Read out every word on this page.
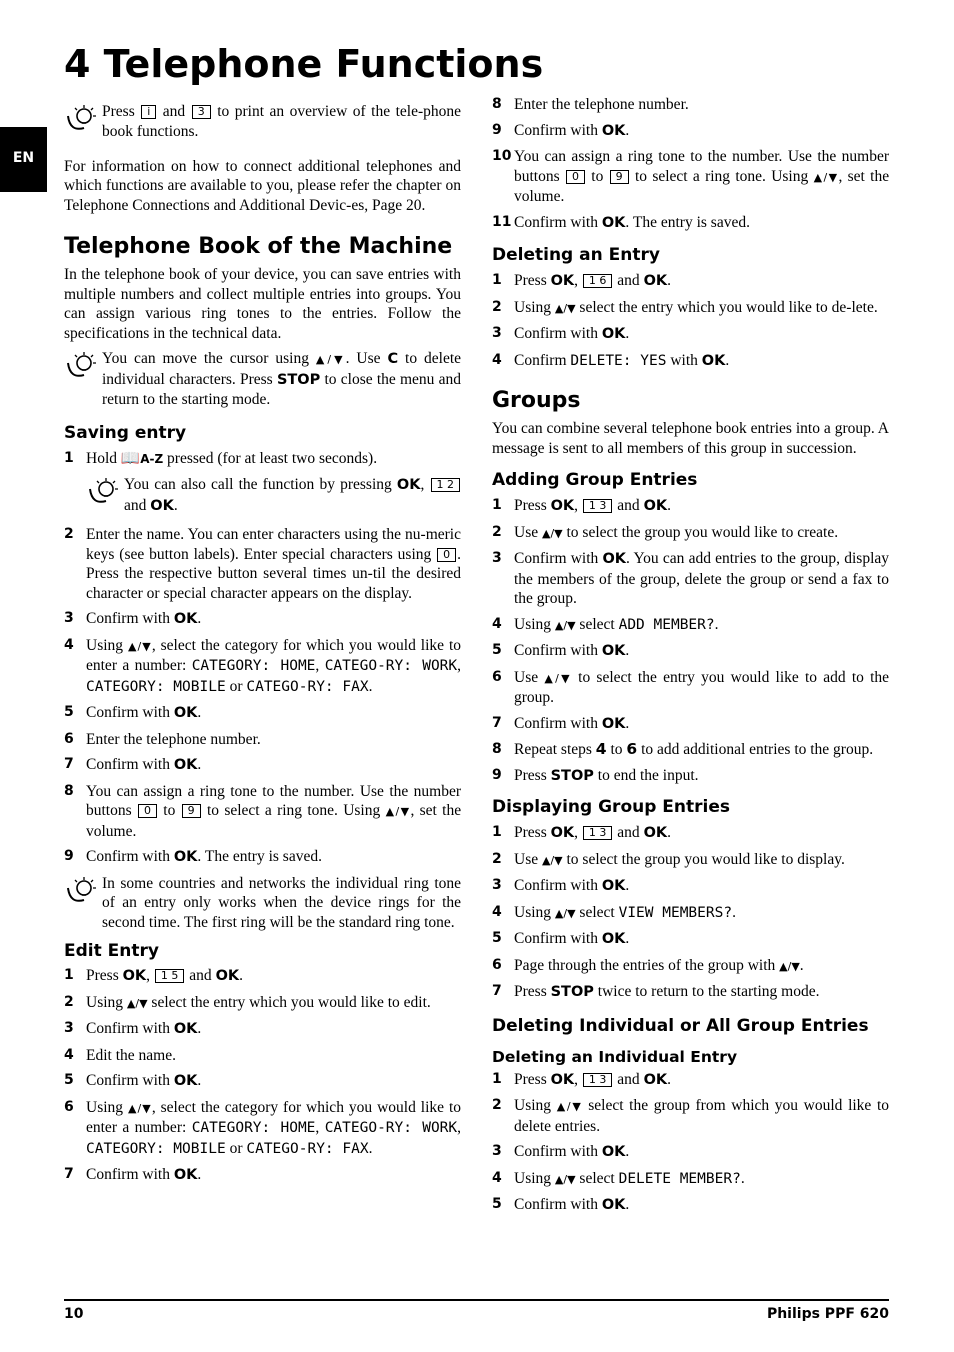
4 Telephone Functions
EN
Press i and 3 to print an overview of the tele-phone book functions.
For information on how to connect additional telephones and which functions are available to you, please refer the chapter on Telephone Connections and Additional Devic-es, Page 20.
Telephone Book of the Machine
In the telephone book of your device, you can save entries with multiple numbers and collect multiple entries into groups. You can assign various ring tones to the entries. Follow the specifications in the technical data.
You can move the cursor using ▲/▼. Use C to delete individual characters. Press STOP to close the menu and return to the starting mode.
Saving entry
1 Hold 📖A-Z pressed (for at least two seconds).
You can also call the function by pressing OK, 1 2 and OK.
2 Enter the name. You can enter characters using the nu-meric keys (see button labels). Enter special characters using 0 . Press the respective button several times un-til the desired character or special character appears on the display.
3 Confirm with OK.
4 Using ▲/▼, select the category for which you would like to enter a number: CATEGORY: HOME, CATEGO-RY: WORK, CATEGORY: MOBILE or CATEGO-RY: FAX.
5 Confirm with OK.
6 Enter the telephone number.
7 Confirm with OK.
8 You can assign a ring tone to the number. Use the number buttons 0 to 9 to select a ring tone. Using ▲/▼, set the volume.
9 Confirm with OK. The entry is saved.
In some countries and networks the individual ring tone of an entry only works when the device rings for the second time. The first ring will be the standard ring tone.
Edit Entry
1 Press OK, 1 5 and OK.
2 Using ▲/▼ select the entry which you would like to edit.
3 Confirm with OK.
4 Edit the name.
5 Confirm with OK.
6 Using ▲/▼, select the category for which you would like to enter a number: CATEGORY: HOME, CATEGO-RY: WORK, CATEGORY: MOBILE or CATEGO-RY: FAX.
7 Confirm with OK.
8 Enter the telephone number.
9 Confirm with OK.
10 You can assign a ring tone to the number. Use the number buttons 0 to 9 to select a ring tone. Using ▲/▼, set the volume.
11 Confirm with OK. The entry is saved.
Deleting an Entry
1 Press OK, 1 6 and OK.
2 Using ▲/▼ select the entry which you would like to de-lete.
3 Confirm with OK.
4 Confirm DELETE: YES with OK.
Groups
You can combine several telephone book entries into a group. A message is sent to all members of this group in succession.
Adding Group Entries
1 Press OK, 1 3 and OK.
2 Use ▲/▼ to select the group you would like to create.
3 Confirm with OK. You can add entries to the group, display the members of the group, delete the group or send a fax to the group.
4 Using ▲/▼ select ADD MEMBER?.
5 Confirm with OK.
6 Use ▲/▼ to select the entry you would like to add to the group.
7 Confirm with OK.
8 Repeat steps 4 to 6 to add additional entries to the group.
9 Press STOP to end the input.
Displaying Group Entries
1 Press OK, 1 3 and OK.
2 Use ▲/▼ to select the group you would like to display.
3 Confirm with OK.
4 Using ▲/▼ select VIEW MEMBERS?.
5 Confirm with OK.
6 Page through the entries of the group with ▲/▼.
7 Press STOP twice to return to the starting mode.
Deleting Individual or All Group Entries
Deleting an Individual Entry
1 Press OK, 1 3 and OK.
2 Using ▲/▼ select the group from which you would like to delete entries.
3 Confirm with OK.
4 Using ▲/▼ select DELETE MEMBER?.
5 Confirm with OK.
10	Philips PPF 620
